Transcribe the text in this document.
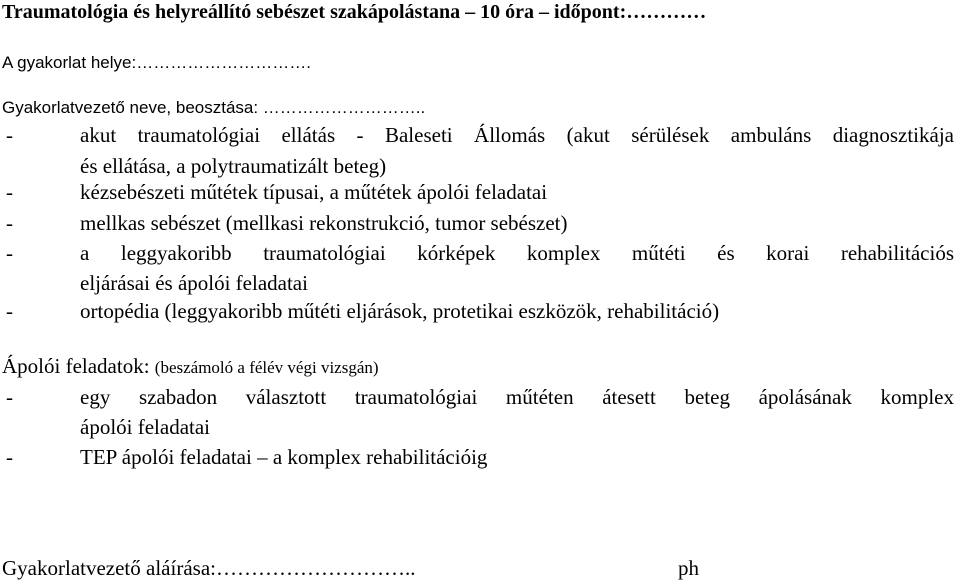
Traumatológia és helyreállító sebészet szakápolástana – 10 óra – időpont:…………
A gyakorlat helye:………………………….
Gyakorlatvezető neve, beosztása: ………………………..
-	akut traumatológiai ellátás - Baleseti Állomás (akut sérülések ambuláns diagnosztikája
és ellátása, a polytraumatizált beteg)
-	kézsebészeti műtétek típusai, a műtétek ápolói feladatai
-	mellkas sebészet (mellkasi rekonstrukció, tumor sebészet)
-	a leggyakoribb traumatológiai kórképek komplex műtéti és korai rehabilitációs
eljárásai és ápolói feladatai
-	ortopédia (leggyakoribb műtéti eljárások, protetikai eszközök, rehabilitáció)
Ápolói feladatok: (beszámoló a félév végi vizsgán)
-	egy szabadon választott traumatológiai műtéten átesett beteg ápolásának komplex
ápolói feladatai
-	TEP ápolói feladatai – a komplex rehabilitációig
Gyakorlatvezető aláírása:………………………..	ph
